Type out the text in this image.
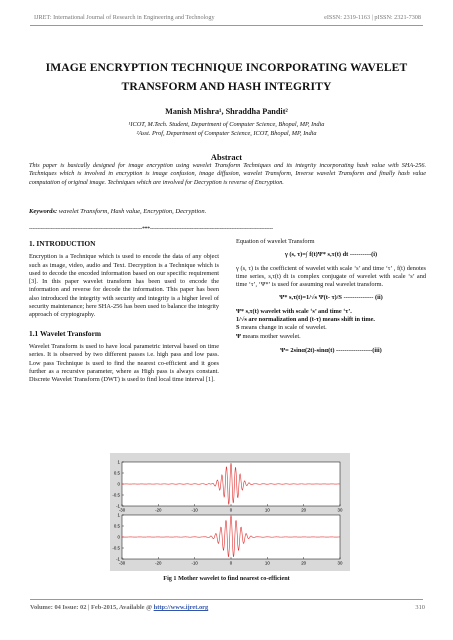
IJRET: International Journal of Research in Engineering and Technology	eISSN: 2319-1163 | pISSN: 2321-7308
IMAGE ENCRYPTION TECHNIQUE INCORPORATING WAVELET
TRANSFORM AND HASH INTEGRITY
Manish Mishra¹, Shraddha Pandit²
¹ICOT, M.Tech. Student, Department of Computer Science, Bhopal, MP, India
²Asst. Prof, Department of Computer Science, ICOT, Bhopal, MP, India
Abstract
This paper is basically designed for image encryption using wavelet Transform Techniques and its integrity incorporating hash value with SHA-256. Techniques which is involved in encryption is image confusion, image diffusion, wavelet Transform, Inverse wavelet Transform and finally hash value computation of original image. Techniques which are involved for Decryption is reverse of Encryption.
Keywords: wavelet Transform, Hash value, Encryption, Decryption.
--------------------------------------------------------------------***--------------------------------------------------------------------------
1. INTRODUCTION
Encryption is a Technique which is used to encode the data of any object such as image, video, audio and Text. Decryption is a Technique which is used to decode the encoded information based on our specific requirement [3]. In this paper wavelet transform has been used to encode the information and reverse for decode the information. This paper has been also introduced the integrity with security and integrity is a higher level of security maintenance; here SHA-256 has been used to balance the integrity approach of cryptography.
1.1 Wavelet Transform
Wavelet Transform is used to have local parametric interval based on time series. It is observed by two different passes i.e. high pass and low pass. Low pass Technique is used to find the nearest co-efficient and it goes further as a recursive parameter, where as High pass is always constant. Discrete Wavelet Transform (DWT) is used to find local time interval [1].
Equation of wavelet Transform
γ (s, τ)=∫ f(t)Ψ* s,τ(t) dt ----------(i)
γ (s, τ) is the coefficient of wavelet with scale ‘s’ and time ‘τ’ , f(t) denotes time series, s,τ(t) dt is complex conjugate of wavelet with scale ‘s’ and time ‘τ’, ‘Ψ*’ is used for assuming real wavelet transform.
Ψ* s,τ(t)=1/√s Ψ(t- τ)/S -------------- (ii)
Ψ* s,τ(t) wavelet with scale ‘s’ and time ‘τ’.
1/√s are normalization and (t-τ) means shift in time.
S means change in scale of wavelet.
Ψ means mother wavelet.
Ψ= 2sinα(2t)-sinα(t) -----------------(iii)
1
0.5
0
-0.5
-1
-30	-20	-10	0	10	20	30
1
0.5
0
-0.5
-1
-30	-20	-10	0	10	20	30
Fig 1 Mother wavelet to find nearest co-efficient
Volume: 04 Issue: 02 | Feb-2015, Available @ http://www.ijret.org	310
